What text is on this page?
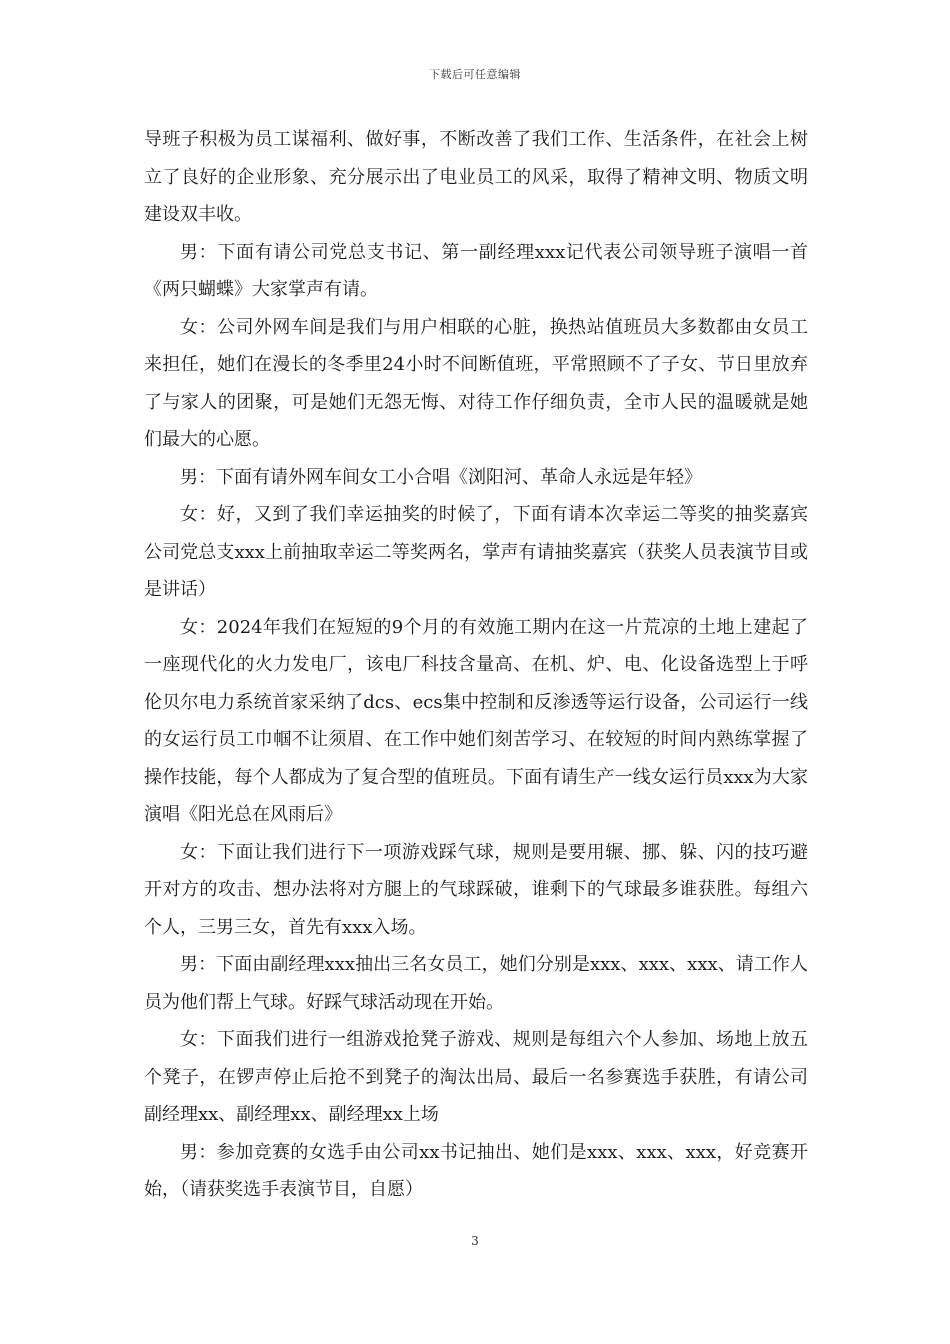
下载后可任意编辑

导班子积极为员工谋福利、做好事，不断改善了我们工作、生活条件，在社会上树立了良好的企业形象、充分展示出了电业员工的风采，取得了精神文明、物质文明建设双丰收。

男：下面有请公司党总支书记、第一副经理xxx记代表公司领导班子演唱一首《两只蝴蝶》大家掌声有请。

女：公司外网车间是我们与用户相联的心脏，换热站值班员大多数都由女员工来担任，她们在漫长的冬季里24小时不间断值班，平常照顾不了子女、节日里放弃了与家人的团聚，可是她们无怨无悔、对待工作仔细负责，全市人民的温暖就是她们最大的心愿。

男：下面有请外网车间女工小合唱《浏阳河、革命人永远是年轻》

女：好，又到了我们幸运抽奖的时候了，下面有请本次幸运二等奖的抽奖嘉宾公司党总支xxx上前抽取幸运二等奖两名，掌声有请抽奖嘉宾（获奖人员表演节目或是讲话）

女：2024年我们在短短的9个月的有效施工期内在这一片荒凉的土地上建起了一座现代化的火力发电厂，该电厂科技含量高、在机、炉、电、化设备选型上于呼伦贝尔电力系统首家采纳了dcs、ecs集中控制和反渗透等运行设备，公司运行一线的女运行员工巾帼不让须眉、在工作中她们刻苦学习、在较短的时间内熟练掌握了操作技能，每个人都成为了复合型的值班员。下面有请生产一线女运行员xxx为大家演唱《阳光总在风雨后》

女：下面让我们进行下一项游戏踩气球，规则是要用辗、挪、躲、闪的技巧避开对方的攻击、想办法将对方腿上的气球踩破，谁剩下的气球最多谁获胜。每组六个人，三男三女，首先有xxx入场。

男：下面由副经理xxx抽出三名女员工，她们分别是xxx、xxx、xxx、请工作人员为他们帮上气球。好踩气球活动现在开始。

女：下面我们进行一组游戏抢凳子游戏、规则是每组六个人参加、场地上放五个凳子，在锣声停止后抢不到凳子的淘汰出局、最后一名参赛选手获胜，有请公司副经理xx、副经理xx、副经理xx上场

男：参加竞赛的女选手由公司xx书记抽出、她们是xxx、xxx、xxx，好竞赛开始，（请获奖选手表演节目，自愿）

3
